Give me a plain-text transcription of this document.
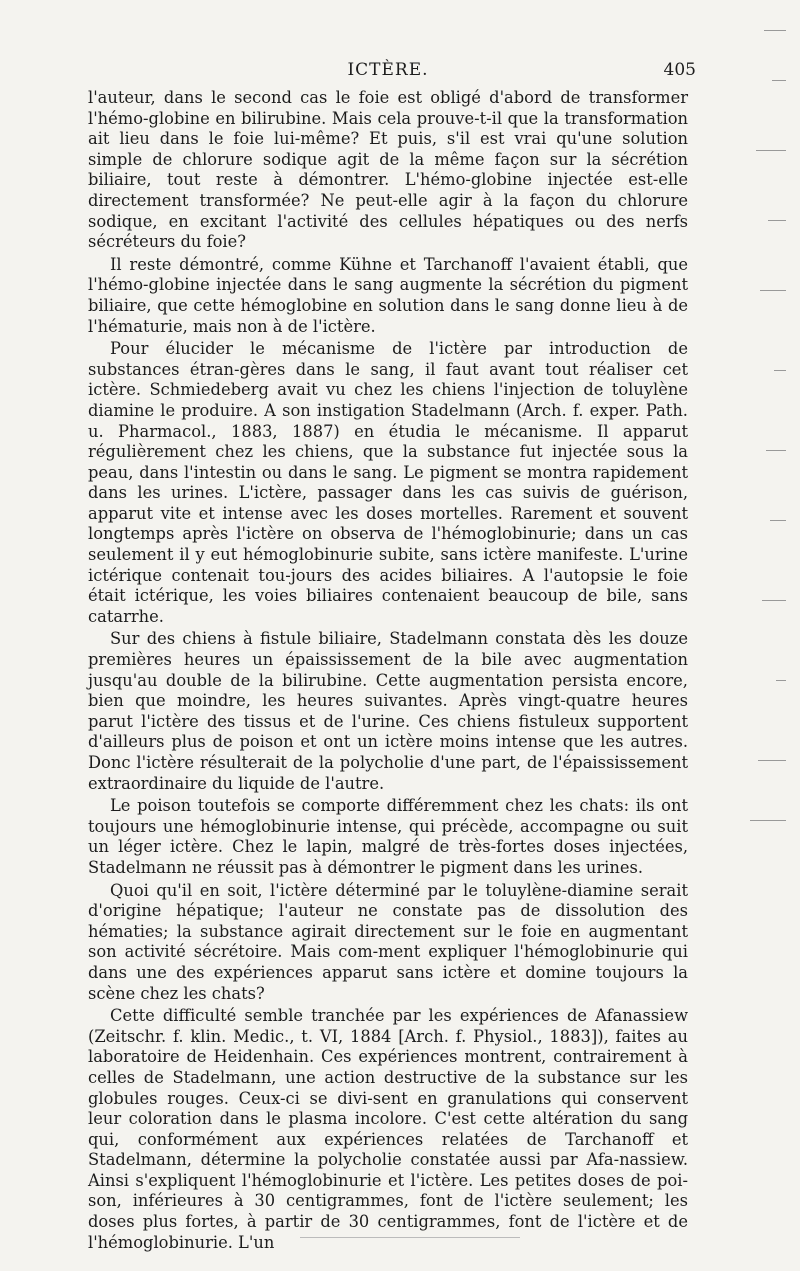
ICTÈRE.	405

l'auteur, dans le second cas le foie est obligé d'abord de transformer l'hémo-globine en bilirubine. Mais cela prouve-t-il que la transformation ait lieu dans le foie lui-même? Et puis, s'il est vrai qu'une solution simple de chlorure sodique agit de la même façon sur la sécrétion biliaire, tout reste à démontrer. L'hémo-globine injectée est-elle directement transformée? Ne peut-elle agir à la façon du chlorure sodique, en excitant l'activité des cellules hépatiques ou des nerfs sécréteurs du foie?

Il reste démontré, comme Kühne et Tarchanoff l'avaient établi, que l'hémo-globine injectée dans le sang augmente la sécrétion du pigment biliaire, que cette hémoglobine en solution dans le sang donne lieu à de l'hématurie, mais non à de l'ictère.

Pour élucider le mécanisme de l'ictère par introduction de substances étran-gères dans le sang, il faut avant tout réaliser cet ictère. Schmiedeberg avait vu chez les chiens l'injection de toluylène diamine le produire. A son instigation Stadelmann (Arch. f. exper. Path. u. Pharmacol., 1883, 1887) en étudia le mécanisme. Il apparut régulièrement chez les chiens, que la substance fut injectée sous la peau, dans l'intestin ou dans le sang. Le pigment se montra rapidement dans les urines. L'ictère, passager dans les cas suivis de guérison, apparut vite et intense avec les doses mortelles. Rarement et souvent longtemps après l'ictère on observa de l'hémoglobinurie; dans un cas seulement il y eut hémoglobinurie subite, sans ictère manifeste. L'urine ictérique contenait tou-jours des acides biliaires. A l'autopsie le foie était ictérique, les voies biliaires contenaient beaucoup de bile, sans catarrhe.

Sur des chiens à fistule biliaire, Stadelmann constata dès les douze premières heures un épaississement de la bile avec augmentation jusqu'au double de la bilirubine. Cette augmentation persista encore, bien que moindre, les heures suivantes. Après vingt-quatre heures parut l'ictère des tissus et de l'urine. Ces chiens fistuleux supportent d'ailleurs plus de poison et ont un ictère moins intense que les autres. Donc l'ictère résulterait de la polycholie d'une part, de l'épaississement extraordinaire du liquide de l'autre.

Le poison toutefois se comporte différemment chez les chats: ils ont toujours une hémoglobinurie intense, qui précède, accompagne ou suit un léger ictère. Chez le lapin, malgré de très-fortes doses injectées, Stadelmann ne réussit pas à démontrer le pigment dans les urines.

Quoi qu'il en soit, l'ictère déterminé par le toluylène-diamine serait d'origine hépatique; l'auteur ne constate pas de dissolution des hématies; la substance agirait directement sur le foie en augmentant son activité sécrétoire. Mais com-ment expliquer l'hémoglobinurie qui dans une des expériences apparut sans ictère et domine toujours la scène chez les chats?

Cette difficulté semble tranchée par les expériences de Afanassiew (Zeitschr. f. klin. Medic., t. VI, 1884 [Arch. f. Physiol., 1883]), faites au laboratoire de Heidenhain. Ces expériences montrent, contrairement à celles de Stadelmann, une action destructive de la substance sur les globules rouges. Ceux-ci se divi-sent en granulations qui conservent leur coloration dans le plasma incolore. C'est cette altération du sang qui, conformément aux expériences relatées de Tarchanoff et Stadelmann, détermine la polycholie constatée aussi par Afa-nassiew. Ainsi s'expliquent l'hémoglobinurie et l'ictère. Les petites doses de poi-son, inférieures à 30 centigrammes, font de l'ictère seulement; les doses plus fortes, à partir de 30 centigrammes, font de l'ictère et de l'hémoglobinurie. L'un
